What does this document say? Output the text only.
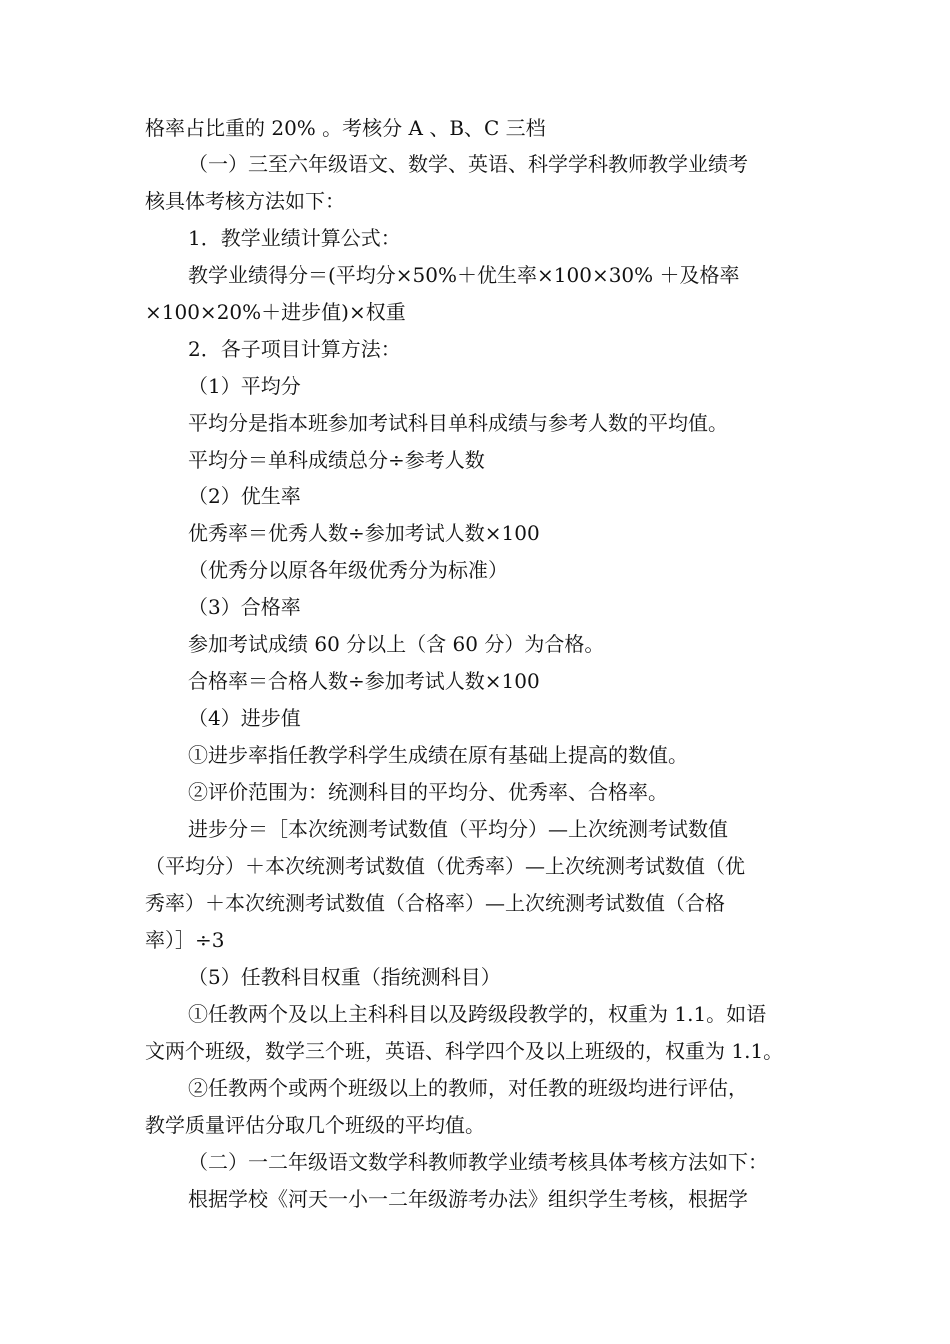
格率占比重的 20% 。考核分 A 、B、C 三档
（一）三至六年级语文、数学、英语、科学学科教师教学业绩考
核具体考核方法如下：
1．教学业绩计算公式：
教学业绩得分＝(平均分×50%＋优生率×100×30% ＋及格率
×100×20%＋进步值)×权重
2．各子项目计算方法：
（1）平均分
平均分是指本班参加考试科目单科成绩与参考人数的平均值。
平均分＝单科成绩总分÷参考人数
（2）优生率
优秀率＝优秀人数÷参加考试人数×100
（优秀分以原各年级优秀分为标准）
（3）合格率
参加考试成绩 60 分以上（含 60 分）为合格。
合格率＝合格人数÷参加考试人数×100
（4）进步值
①进步率指任教学科学生成绩在原有基础上提高的数值。
②评价范围为：统测科目的平均分、优秀率、合格率。
进步分＝［本次统测考试数值（平均分）—上次统测考试数值
（平均分）＋本次统测考试数值（优秀率）—上次统测考试数值（优
秀率）＋本次统测考试数值（合格率）—上次统测考试数值（合格
率）］÷3
（5）任教科目权重（指统测科目）
①任教两个及以上主科科目以及跨级段教学的，权重为 1.1。如语
文两个班级，数学三个班，英语、科学四个及以上班级的，权重为 1.1。
②任教两个或两个班级以上的教师，对任教的班级均进行评估，
教学质量评估分取几个班级的平均值。
（二）一二年级语文数学科教师教学业绩考核具体考核方法如下：
根据学校《河天一小一二年级游考办法》组织学生考核，根据学
